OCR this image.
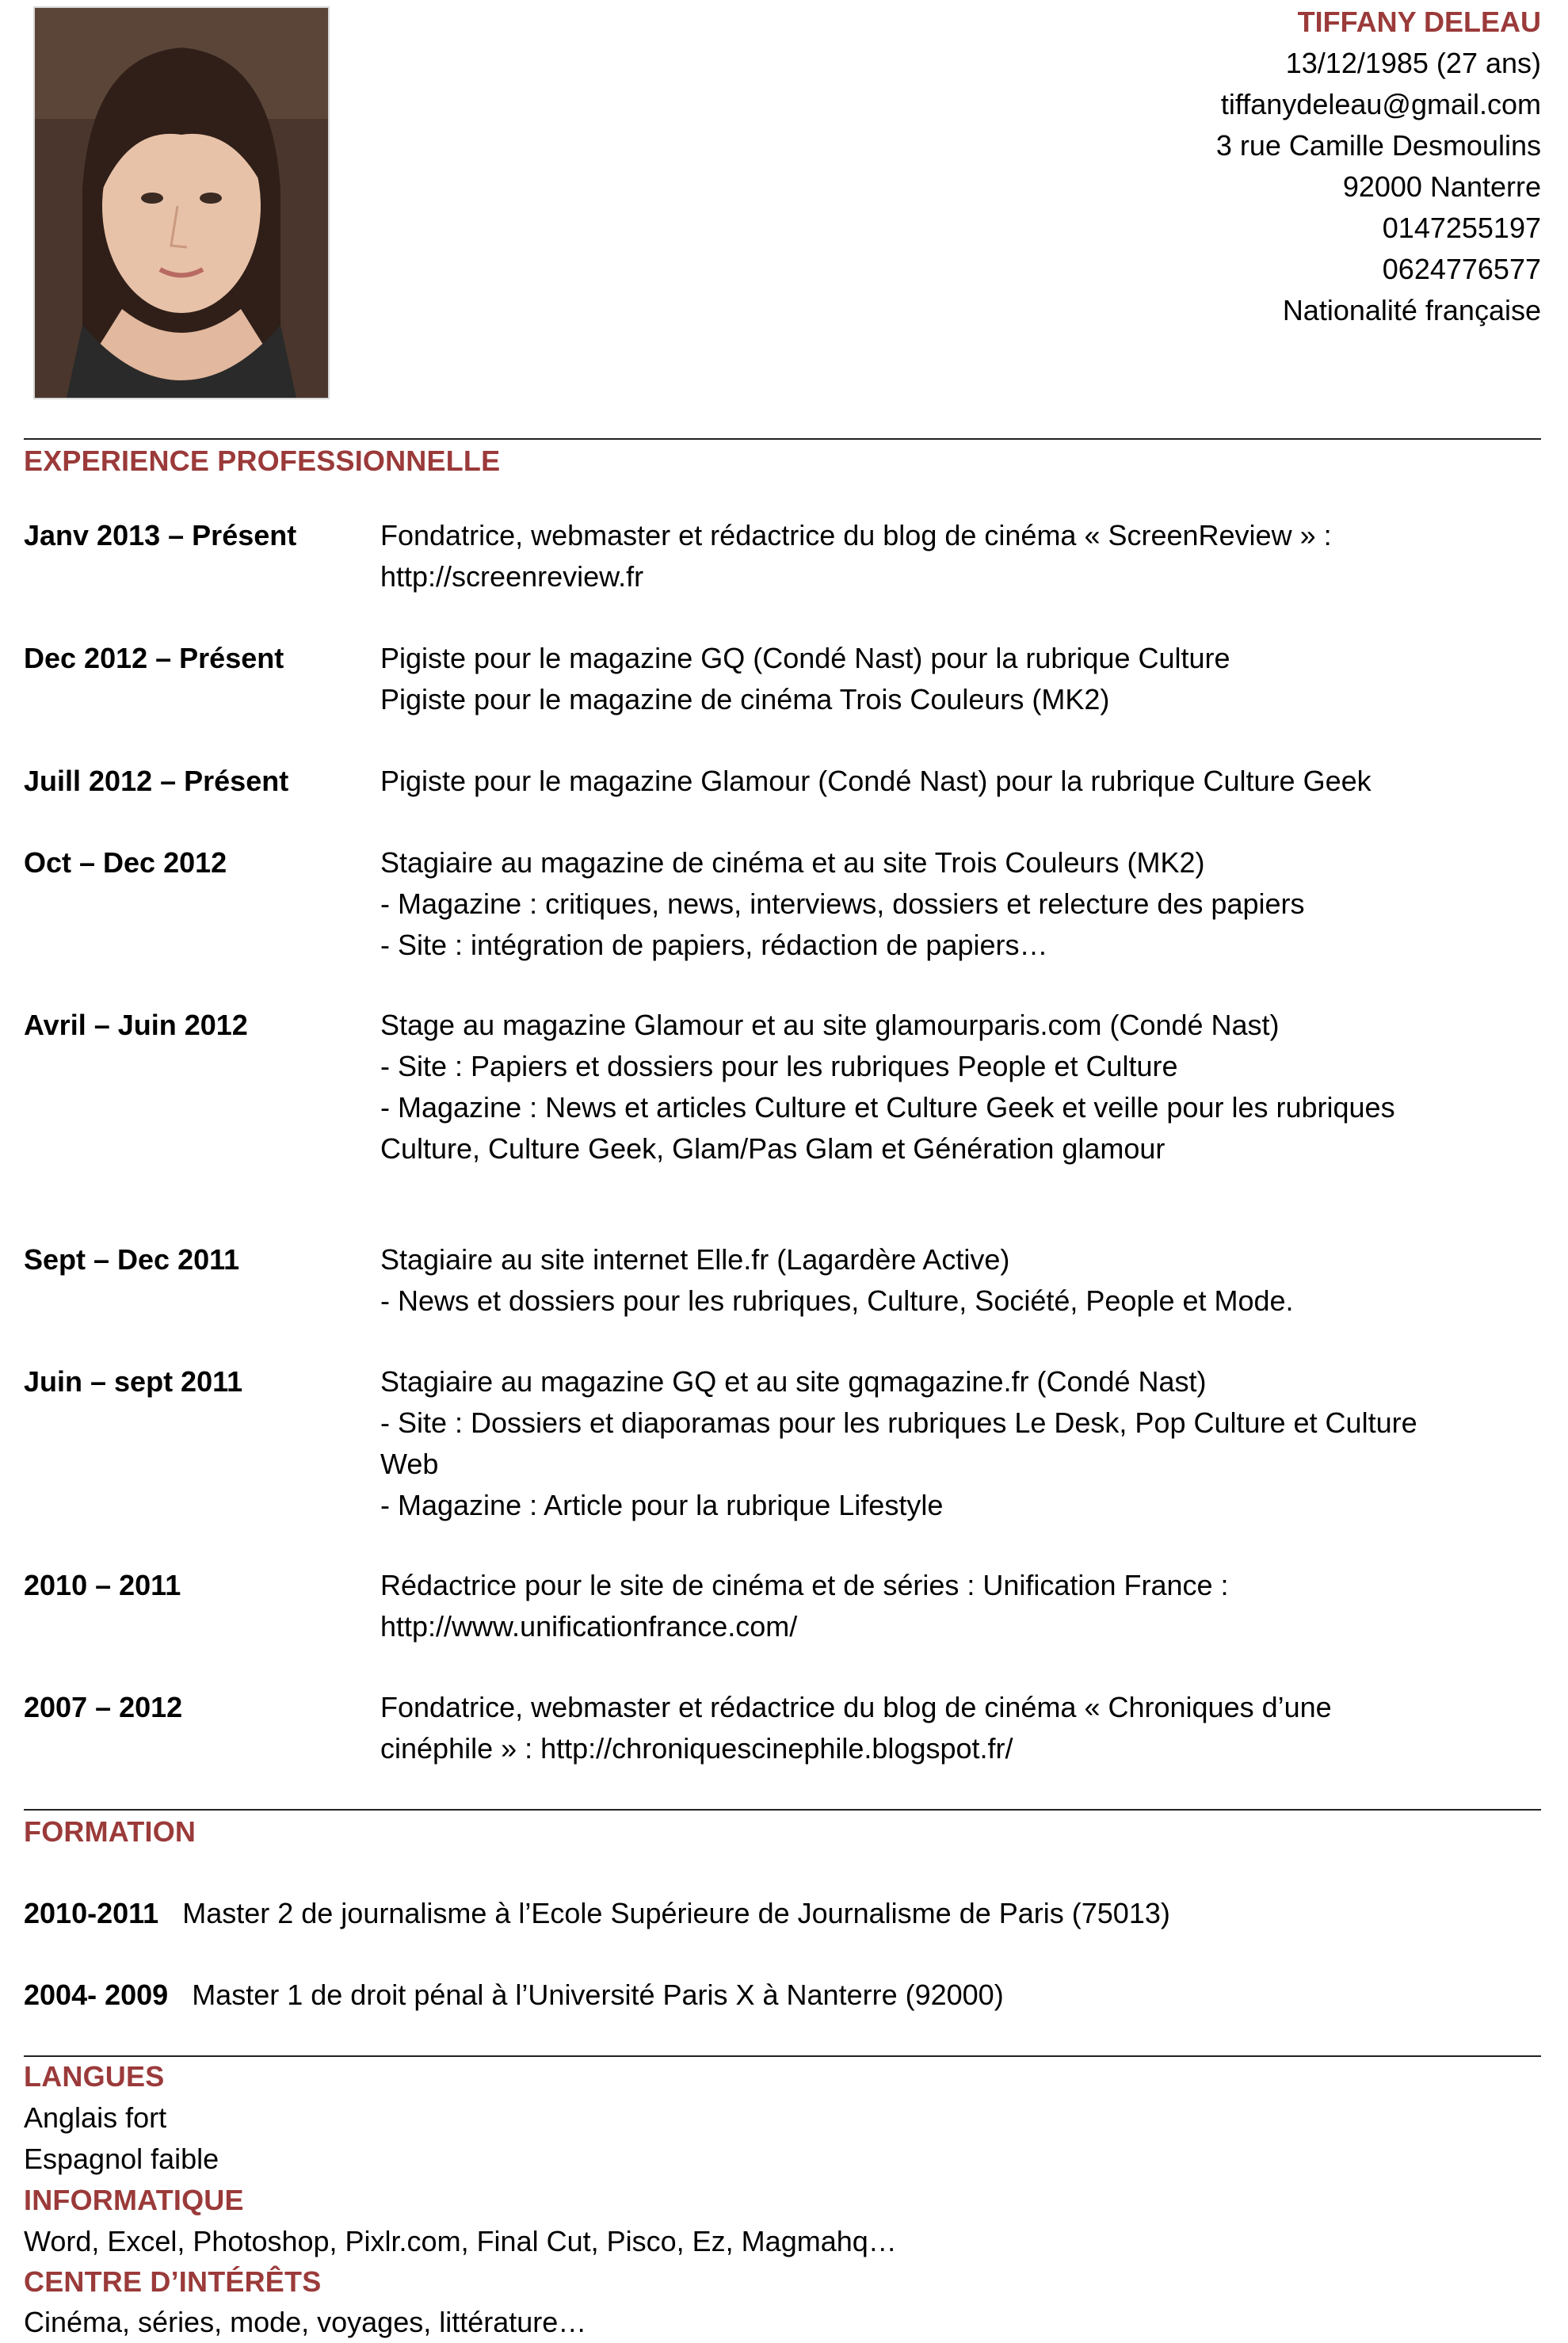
TIFFANY DELEAU
13/12/1985 (27 ans)
tiffanydeleau@gmail.com
3 rue Camille Desmoulins
92000 Nanterre
0147255197
0624776577
Nationalité française
EXPERIENCE PROFESSIONNELLE
Janv 2013 – Présent	Fondatrice, webmaster et rédactrice du blog de cinéma « ScreenReview » :
http://screenreview.fr
Dec 2012 – Présent	Pigiste pour le magazine GQ (Condé Nast) pour la rubrique Culture
Pigiste pour le magazine de cinéma Trois Couleurs (MK2)
Juill 2012 – Présent	Pigiste pour le magazine Glamour (Condé Nast) pour la rubrique Culture Geek
Oct – Dec 2012	Stagiaire au magazine de cinéma et au site Trois Couleurs (MK2)
- Magazine : critiques, news, interviews, dossiers et relecture des papiers
- Site : intégration de papiers, rédaction de papiers…
Avril – Juin 2012	Stage au magazine Glamour et au site glamourparis.com (Condé Nast)
- Site : Papiers et dossiers pour les rubriques People et Culture
- Magazine : News et articles Culture et Culture Geek et veille pour les rubriques
Culture, Culture Geek, Glam/Pas Glam et Génération glamour
Sept – Dec 2011	Stagiaire au site internet Elle.fr (Lagardère Active)
- News et dossiers pour les rubriques, Culture, Société, People et Mode.
Juin – sept 2011	Stagiaire au magazine GQ et au site gqmagazine.fr (Condé Nast)
- Site : Dossiers et diaporamas pour les rubriques Le Desk, Pop Culture et Culture
Web
- Magazine : Article pour la rubrique Lifestyle
2010 – 2011	Rédactrice pour le site de cinéma et de séries : Unification France :
http://www.unificationfrance.com/
2007 – 2012	Fondatrice, webmaster et rédactrice du blog de cinéma « Chroniques d’une
cinéphile » : http://chroniquescinephile.blogspot.fr/
FORMATION
2010-2011 Master 2 de journalisme à l’Ecole Supérieure de Journalisme de Paris (75013)
2004- 2009 Master 1 de droit pénal à l’Université Paris X à Nanterre (92000)
LANGUES
Anglais fort
Espagnol faible
INFORMATIQUE
Word, Excel, Photoshop, Pixlr.com, Final Cut, Pisco, Ez, Magmahq…
CENTRE D’INTÉRÊTS
Cinéma, séries, mode, voyages, littérature…
